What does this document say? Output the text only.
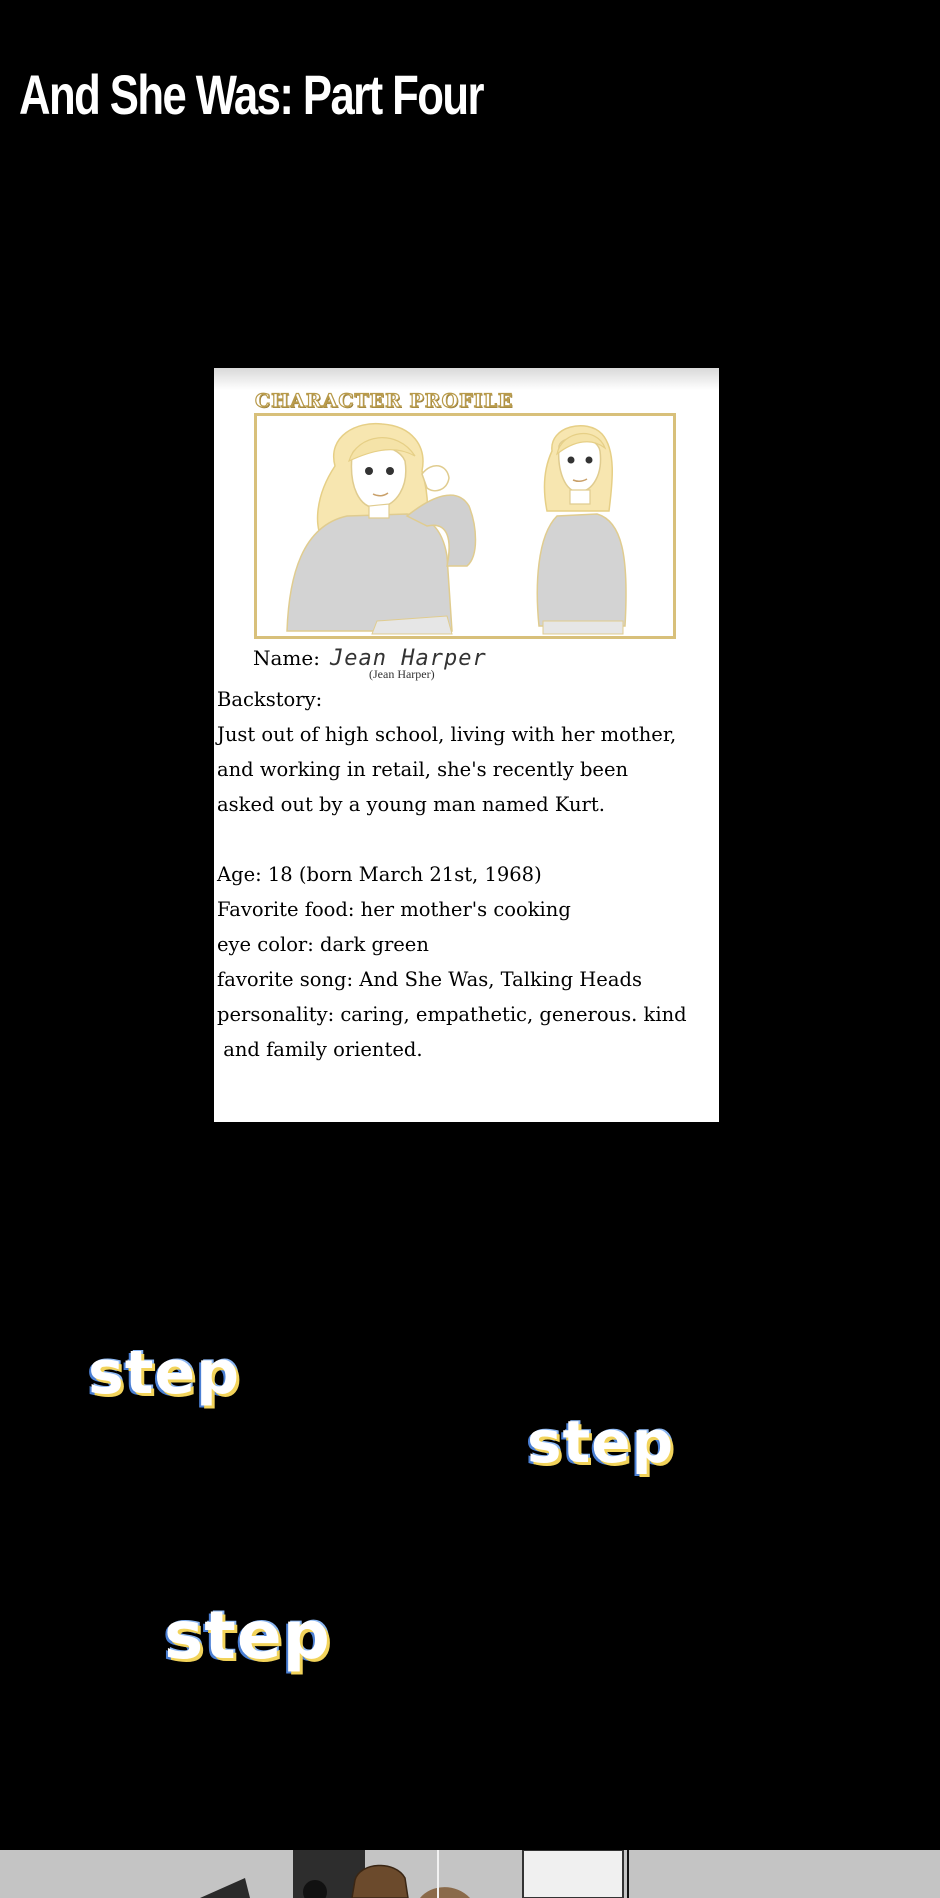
And She Was: Part Four
CHARACTER PROFILE
Name: Jean Harper
(Jean Harper)

Backstory:

Just out of high school, living with her mother,

and working in retail, she's recently been

asked out by a young man named Kurt.

Age: 18 (born March 21st, 1968)

Favorite food: her mother's cooking

eye color: dark green

favorite song: And She Was, Talking Heads

personality: caring, empathetic, generous. kind

and family oriented.

step
step
step
